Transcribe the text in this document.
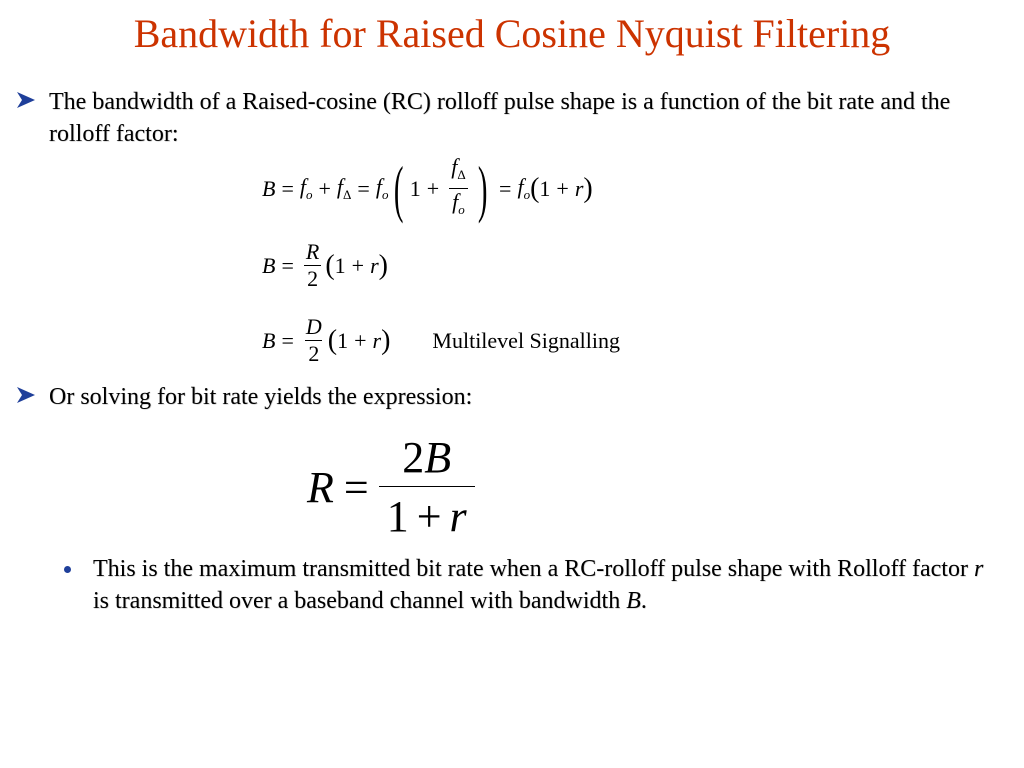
Bandwidth for Raised Cosine Nyquist Filtering
The bandwidth of a Raised-cosine (RC) rolloff pulse shape is a function of the bit rate and the rolloff factor:
$B = f_o + f_\Delta = f_o$ ( $1 + \frac{f_\Delta}{f_o}$ ) = $f_o$ ( 1 + r )
$B = \frac{R}{2}$ ( 1 + r )
$B = \frac{D}{2}$ ( 1 + r ) Multilevel Signalling
Or solving for bit rate yields the expression:
$R = \frac{2B}{1 + r}$
This is the maximum transmitted bit rate when a RC-rolloff pulse shape with Rolloff factor r is transmitted over a baseband channel with bandwidth B.
